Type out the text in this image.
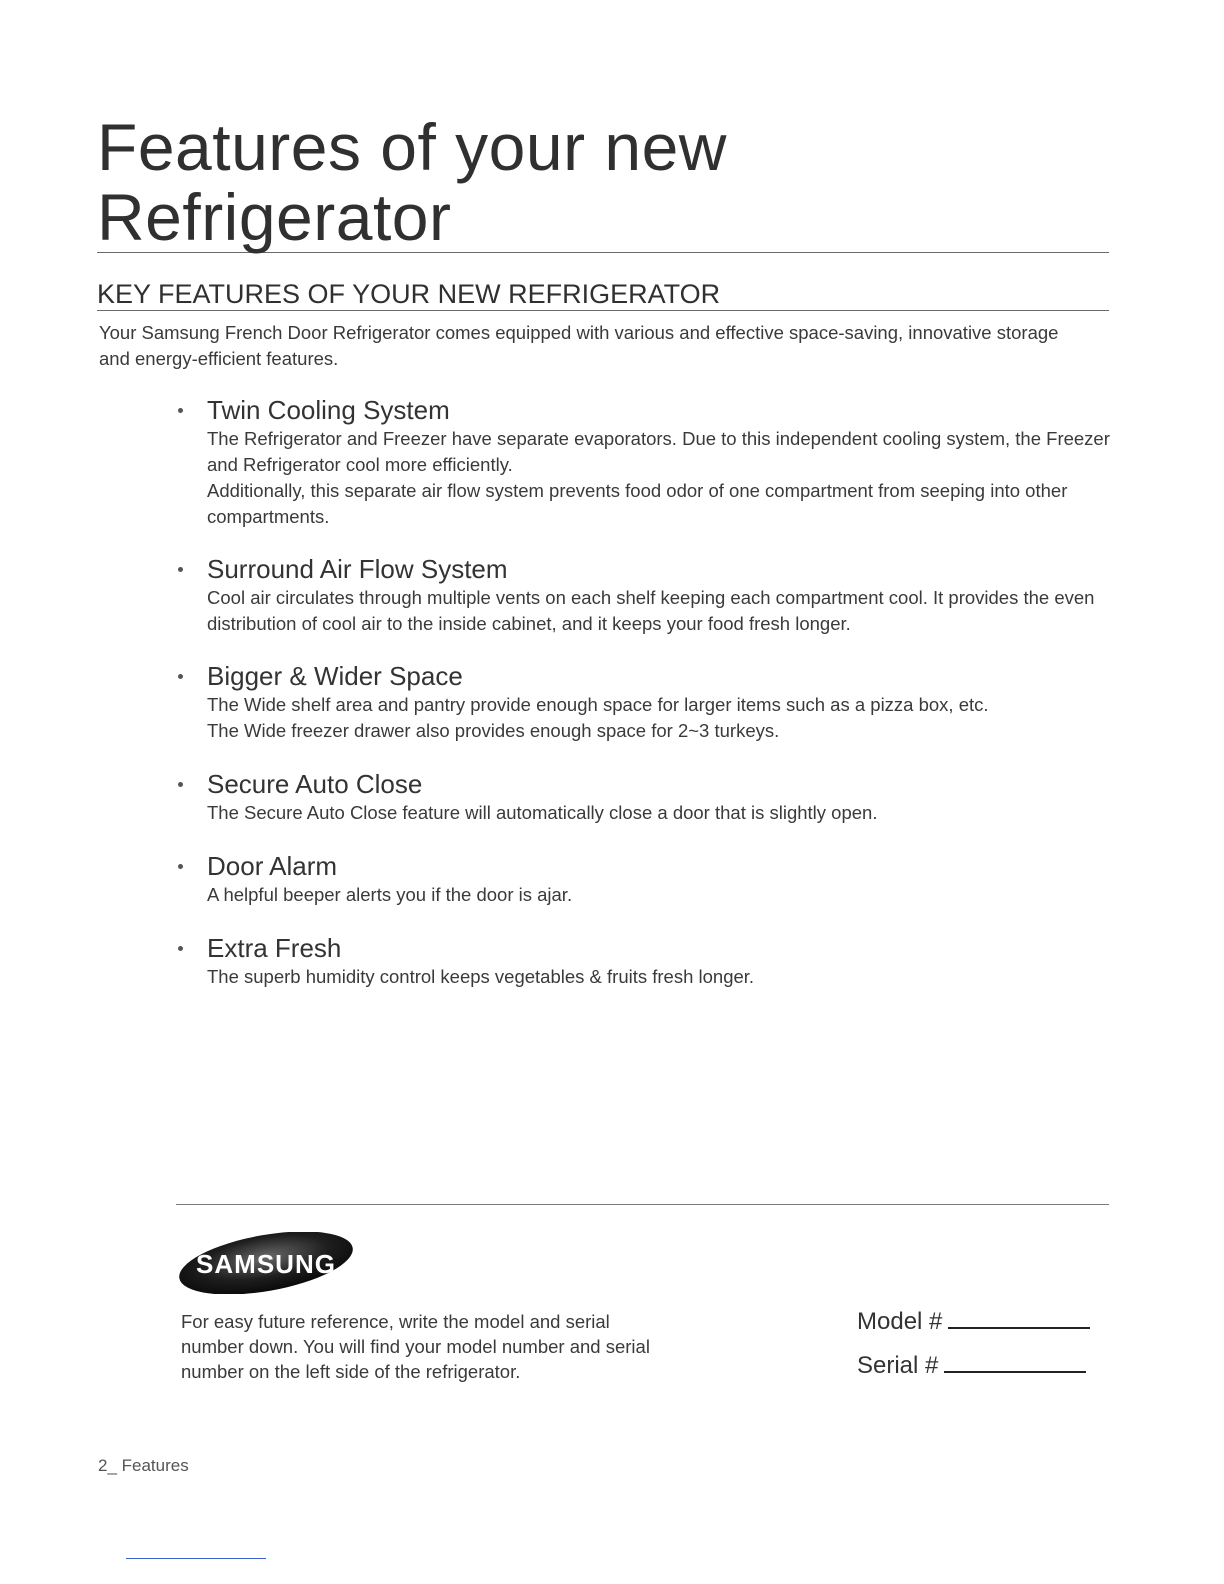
Features of your new
Refrigerator
KEY FEATURES OF YOUR NEW REFRIGERATOR

Your Samsung French Door Refrigerator comes equipped with various and effective space-saving, innovative storage and energy-efficient features.

Twin Cooling System
The Refrigerator and Freezer have separate evaporators. Due to this independent cooling system, the Freezer and Refrigerator cool more efficiently.
Additionally, this separate air flow system prevents food odor of one compartment from seeping into other compartments.
Surround Air Flow System
Cool air circulates through multiple vents on each shelf keeping each compartment cool. It provides the even distribution of cool air to the inside cabinet, and it keeps your food fresh longer.
Bigger & Wider Space
The Wide shelf area and pantry provide enough space for larger items such as a pizza box, etc.
The Wide freezer drawer also provides enough space for 2~3 turkeys.
Secure Auto Close
The Secure Auto Close feature will automatically close a door that is slightly open.
Door Alarm
A helpful beeper alerts you if the door is ajar.
Extra Fresh
The superb humidity control keeps vegetables & fruits fresh longer.
SAMSUNG

For easy future reference, write the model and serial number down. You will find your model number and serial number on the left side of the refrigerator.

Model #
Serial #
2_ Features
